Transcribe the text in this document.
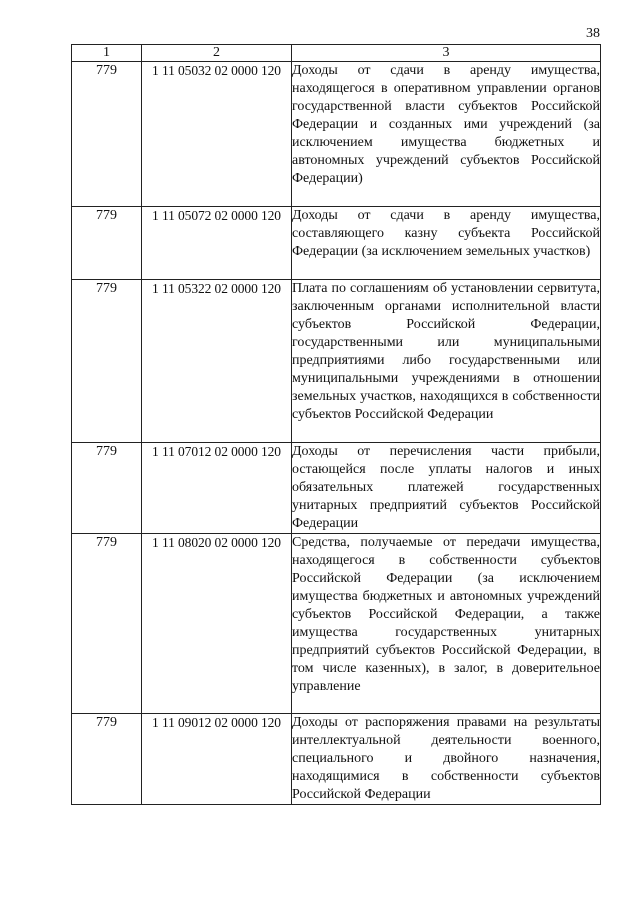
38
1	2	3
779	1 11 05032 02 0000 120	Доходы от сдачи в аренду имущества, находящегося в оперативном управлении органов государственной власти субъектов Российской Федерации и созданных ими учреждений (за исключением имущества бюджетных и автономных учреждений субъектов Российской Федерации)
779	1 11 05072 02 0000 120	Доходы от сдачи в аренду имущества, составляющего казну субъекта Российской Федерации (за исключением земельных участков)
779	1 11 05322 02 0000 120	Плата по соглашениям об установлении сервитута, заключенным органами исполнительной власти субъектов Российской Федерации, государственными или муниципальными предприятиями либо государственными или муниципальными учреждениями в отношении земельных участков, находящихся в собственности субъектов Российской Федерации
779	1 11 07012 02 0000 120	Доходы от перечисления части прибыли, остающейся после уплаты налогов и иных обязательных платежей государственных унитарных предприятий субъектов Российской Федерации
779	1 11 08020 02 0000 120	Средства, получаемые от передачи имущества, находящегося в собственности субъектов Российской Федерации (за исключением имущества бюджетных и автономных учреждений субъектов Российской Федерации, а также имущества государственных унитарных предприятий субъектов Российской Федерации, в том числе казенных), в залог, в доверительное управление
779	1 11 09012 02 0000 120	Доходы от распоряжения правами на результаты интеллектуальной деятельности военного, специального и двойного назначения, находящимися в собственности субъектов Российской Федерации
